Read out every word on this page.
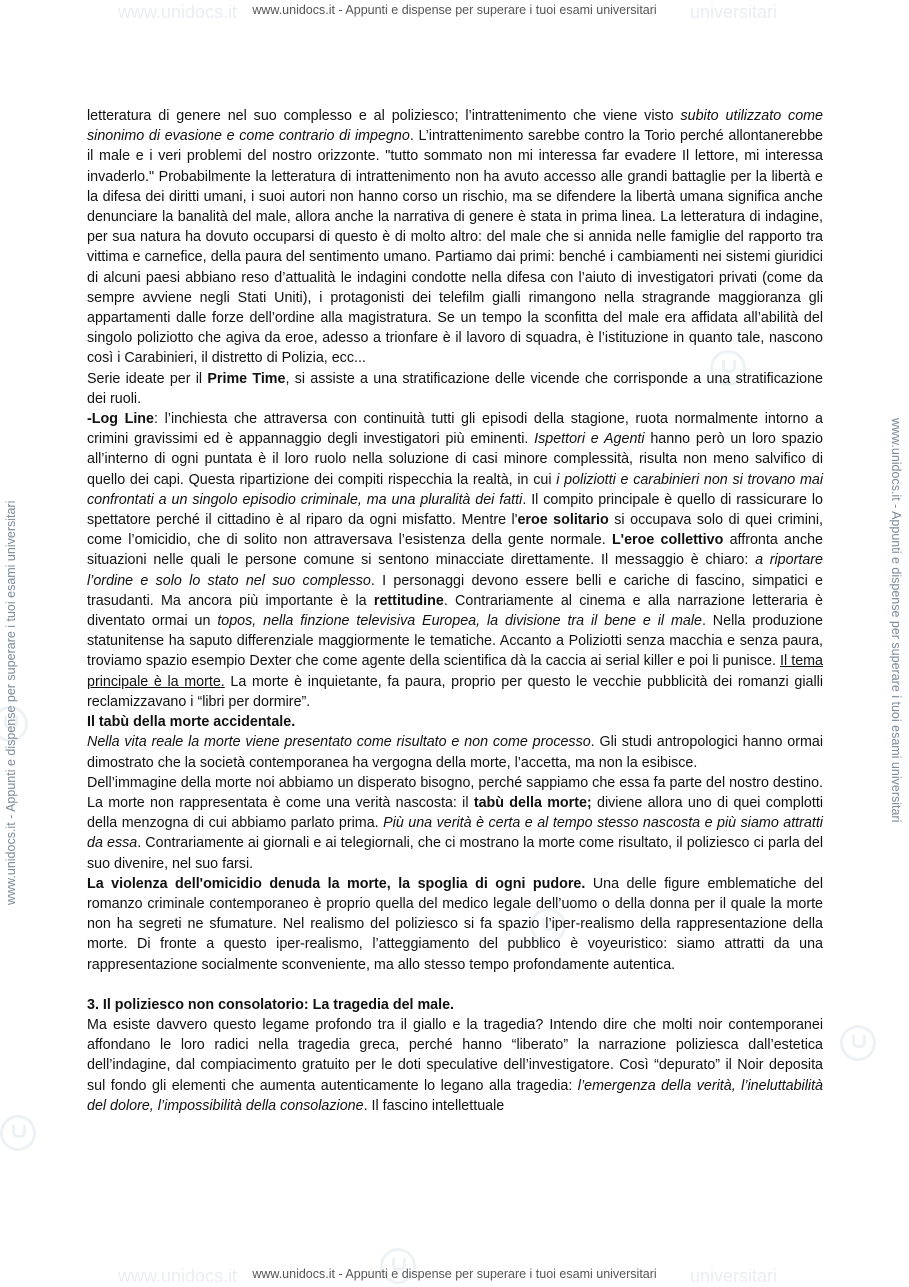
www.unidocs.it	universitari
www.unidocs.it	universitari
www.unidocs.it - Appunti e dispense per superare i tuoi esami universitari
www.unidocs.it - Appunti e dispense per superare i tuoi esami universitari
www.unidocs.it - Appunti e dispense per superare i tuoi esami universitari	www.unidocs.it - Appunti e dispense per superare i tuoi esami universitari

letteratura di genere nel suo complesso e al poliziesco; l’intrattenimento che viene visto subito utilizzato come sinonimo di evasione e come contrario di impegno. L’intrattenimento sarebbe contro la Torio perché allontanerebbe il male e i veri problemi del nostro orizzonte. "tutto sommato non mi interessa far evadere Il lettore, mi interessa invaderlo." Probabilmente la letteratura di intrattenimento non ha avuto accesso alle grandi battaglie per la libertà e la difesa dei diritti umani, i suoi autori non hanno corso un rischio, ma se difendere la libertà umana significa anche denunciare la banalità del male, allora anche la narrativa di genere è stata in prima linea. La letteratura di indagine, per sua natura ha dovuto occuparsi di questo è di molto altro: del male che si annida nelle famiglie del rapporto tra vittima e carnefice, della paura del sentimento umano. Partiamo dai primi: benché i cambiamenti nei sistemi giuridici di alcuni paesi abbiano reso d’attualità le indagini condotte nella difesa con l’aiuto di investigatori privati (come da sempre avviene negli Stati Uniti), i protagonisti dei telefilm gialli rimangono nella stragrande maggioranza gli appartamenti dalle forze dell’ordine alla magistratura. Se un tempo la sconfitta del male era affidata all’abilità del singolo poliziotto che agiva da eroe, adesso a trionfare è il lavoro di squadra, è l’istituzione in quanto tale, nascono così i Carabinieri, il distretto di Polizia, ecc...

Serie ideate per il Prime Time, si assiste a una stratificazione delle vicende che corrisponde a una stratificazione dei ruoli.

-Log Line: l’inchiesta che attraversa con continuità tutti gli episodi della stagione, ruota normalmente intorno a crimini gravissimi ed è appannaggio degli investigatori più eminenti. Ispettori e Agenti hanno però un loro spazio all’interno di ogni puntata è il loro ruolo nella soluzione di casi minore complessità, risulta non meno salvifico di quello dei capi. Questa ripartizione dei compiti rispecchia la realtà, in cui i poliziotti e carabinieri non si trovano mai confrontati a un singolo episodio criminale, ma una pluralità dei fatti. Il compito principale è quello di rassicurare lo spettatore perché il cittadino è al riparo da ogni misfatto. Mentre l'eroe solitario si occupava solo di quei crimini, come l’omicidio, che di solito non attraversava l’esistenza della gente normale. L'eroe collettivo affronta anche situazioni nelle quali le persone comune si sentono minacciate direttamente. Il messaggio è chiaro: a riportare l’ordine e solo lo stato nel suo complesso. I personaggi devono essere belli e cariche di fascino, simpatici e trasudanti. Ma ancora più importante è la rettitudine. Contrariamente al cinema e alla narrazione letteraria è diventato ormai un topos, nella finzione televisiva Europea, la divisione tra il bene e il male. Nella produzione statunitense ha saputo differenziale maggiormente le tematiche. Accanto a Poliziotti senza macchia e senza paura, troviamo spazio esempio Dexter che come agente della scientifica dà la caccia ai serial killer e poi li punisce. Il tema principale è la morte. La morte è inquietante, fa paura, proprio per questo le vecchie pubblicità dei romanzi gialli reclamizzavano i “libri per dormire”.

Il tabù della morte accidentale.

Nella vita reale la morte viene presentato come risultato e non come processo. Gli studi antropologici hanno ormai dimostrato che la società contemporanea ha vergogna della morte, l’accetta, ma non la esibisce.

Dell’immagine della morte noi abbiamo un disperato bisogno, perché sappiamo che essa fa parte del nostro destino. La morte non rappresentata è come una verità nascosta: il tabù della morte; diviene allora uno di quei complotti della menzogna di cui abbiamo parlato prima. Più una verità è certa e al tempo stesso nascosta e più siamo attratti da essa. Contrariamente ai giornali e ai telegiornali, che ci mostrano la morte come risultato, il poliziesco ci parla del suo divenire, nel suo farsi.

La violenza dell'omicidio denuda la morte, la spoglia di ogni pudore. Una delle figure emblematiche del romanzo criminale contemporaneo è proprio quella del medico legale dell’uomo o della donna per il quale la morte non ha segreti ne sfumature. Nel realismo del poliziesco si fa spazio l’iper-realismo della rappresentazione della morte. Di fronte a questo iper-realismo, l’atteggiamento del pubblico è voyeuristico: siamo attratti da una rappresentazione socialmente sconveniente, ma allo stesso tempo profondamente autentica.

3. Il poliziesco non consolatorio: La tragedia del male.

Ma esiste davvero questo legame profondo tra il giallo e la tragedia? Intendo dire che molti noir contemporanei affondano le loro radici nella tragedia greca, perché hanno “liberato” la narrazione poliziesca dall’estetica dell’indagine, dal compiacimento gratuito per le doti speculative dell’investigatore. Così “depurato” il Noir deposita sul fondo gli elementi che aumenta autenticamente lo legano alla tragedia: l’emergenza della verità, l’ineluttabilità del dolore, l’impossibilità della consolazione. Il fascino intellettuale
